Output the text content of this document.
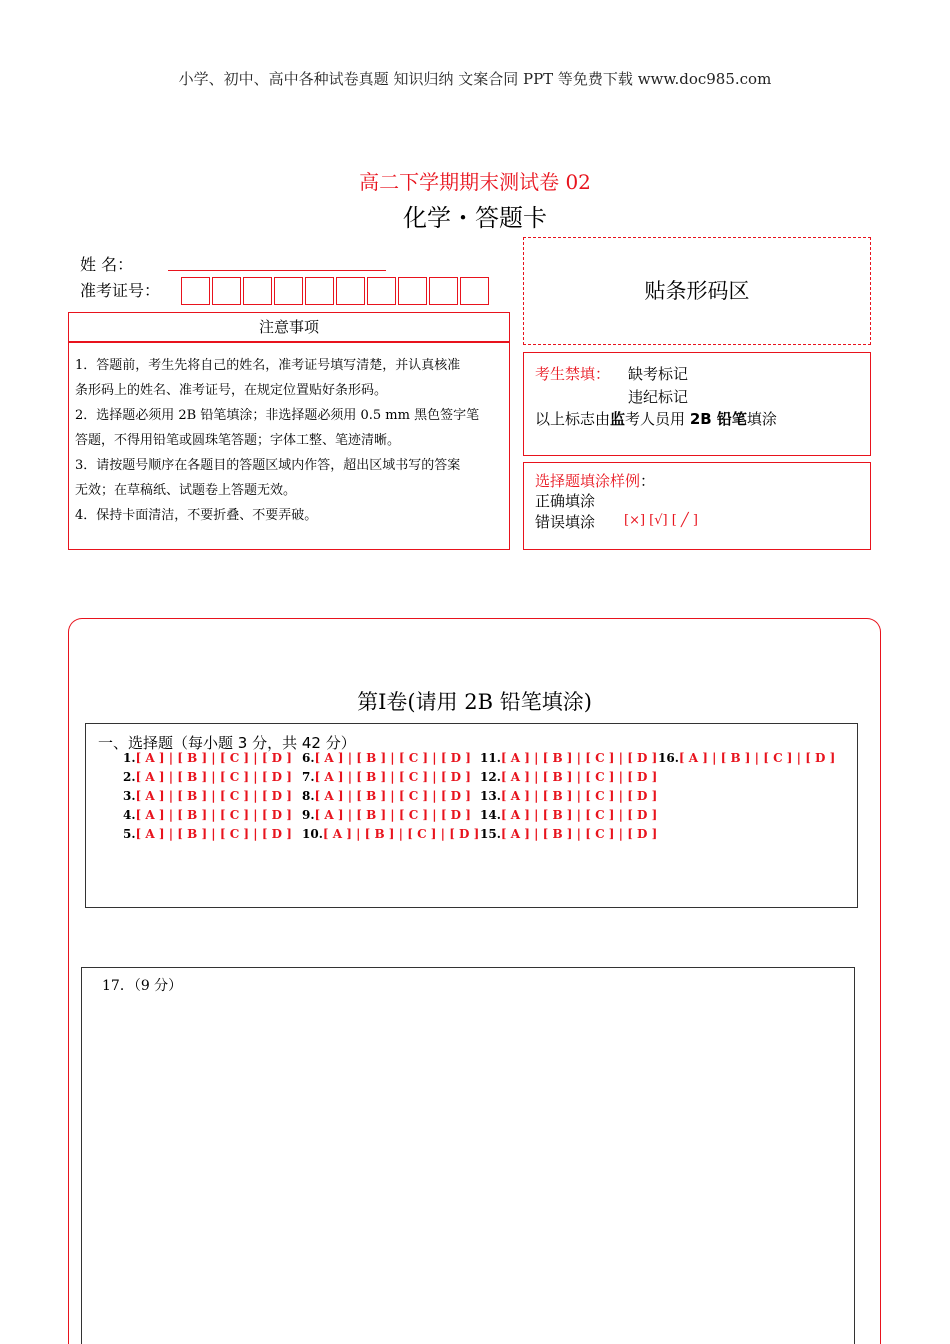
小学、初中、高中各种试卷真题 知识归纳 文案合同 PPT 等免费下载 www.doc985.com
高二下学期期末测试卷 02
化学・答题卡
姓 名：
准考证号：
注意事项

1．答题前，考生先将自己的姓名，准考证号填写清楚，并认真核准

条形码上的姓名、准考证号，在规定位置贴好条形码。

2．选择题必须用 2B 铅笔填涂；非选择题必须用 0.5 mm 黑色签字笔

答题，不得用铅笔或圆珠笔答题；字体工整、笔迹清晰。

3．请按题号顺序在各题目的答题区域内作答，超出区域书写的答案

无效；在草稿纸、试题卷上答题无效。

4．保持卡面清洁，不要折叠、不要弄破。

贴条形码区
考生禁填： 缺考标记
违纪标记
以上标志由监考人员用 2B 铅笔填涂
选择题填涂样例：
正确填涂
错误填涂 [×] [√] [ ╱ ]
第Ⅰ卷(请用 2B 铅笔填涂)
一、选择题（每小题 3 分，共 42 分）
1.[ A ] | [ B ] | [ C ] | [ D ]
2.[ A ] | [ B ] | [ C ] | [ D ]
3.[ A ] | [ B ] | [ C ] | [ D ]
4.[ A ] | [ B ] | [ C ] | [ D ]
5.[ A ] | [ B ] | [ C ] | [ D ]
6.[ A ] | [ B ] | [ C ] | [ D ]
7.[ A ] | [ B ] | [ C ] | [ D ]
8.[ A ] | [ B ] | [ C ] | [ D ]
9.[ A ] | [ B ] | [ C ] | [ D ]
10.[ A ] | [ B ] | [ C ] | [ D ]
11.[ A ] | [ B ] | [ C ] | [ D ]
12.[ A ] | [ B ] | [ C ] | [ D ]
13.[ A ] | [ B ] | [ C ] | [ D ]
14.[ A ] | [ B ] | [ C ] | [ D ]
15.[ A ] | [ B ] | [ C ] | [ D ]
16.[ A ] | [ B ] | [ C ] | [ D ]
17．（9 分）
